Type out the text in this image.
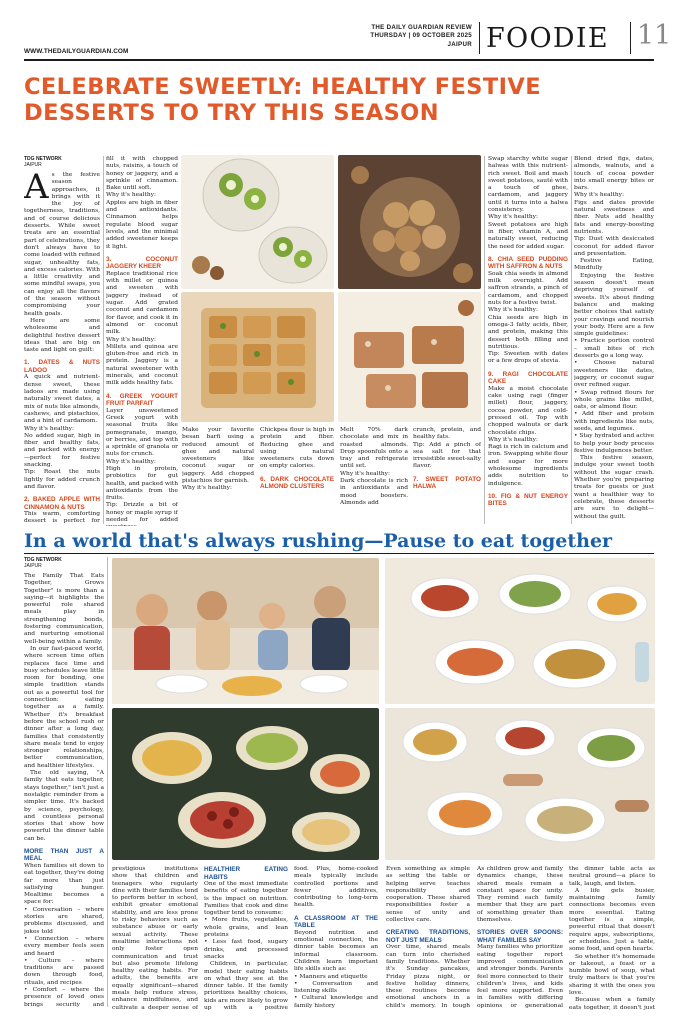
WWW.THEDAILYGUARDIAN.COM
THE DAILY GUARDIAN REVIEW
THURSDAY | 09 OCTOBER 2025
JAIPUR FOODIE 11
CELEBRATE SWEETLY: HEALTHY FESTIVE DESSERTS TO TRY THIS SEASON
TDG NETWORK
JAIPUR

As the festive season approaches, it brings with it the joy of togetherness, traditions, and of course delicious desserts. While sweet treats are an essential part of celebrations, they don't always have to come loaded with refined sugar, unhealthy fats, and excess calories. With a little creativity and some mindful swaps, you can enjoy all the flavors of the season without compromising your health goals.

Here are some wholesome and delightful festive dessert ideas that are big on taste and light on guilt:

1. DATES & NUTS LADOO

A quick and nutrient-dense sweet, these ladoos are made using naturally sweet dates, a mix of nuts like almonds, cashews, and pistachios, and a hint of cardamom.

Why it's healthy:

No added sugar, high in fiber and healthy fats, and packed with energy—perfect for festive snacking.

Tip: Roast the nuts lightly for added crunch and flavor.

2. BAKED APPLE WITH CINNAMON & NUTS

This warm, comforting dessert is perfect for

fill it with chopped nuts, raisins, a touch of honey or jaggery, and a sprinkle of cinnamon. Bake until soft.

Why it's healthy:

Apples are high in fiber and antioxidants. Cinnamon helps regulate blood sugar levels, and the minimal added sweetener keeps it light.

3. COCONUT JAGGERY KHEER

Replace traditional rice with millet or quinoa and sweeten with jaggery instead of sugar. Add grated coconut and cardamom for flavor, and cook it in almond or coconut milk.

Why it's healthy:

Millets and quinoa are gluten-free and rich in protein. Jaggery is a natural sweetener with minerals, and coconut milk adds healthy fats.

4. GREEK YOGURT FRUIT PARFAIT

Layer unsweetened Greek yogurt with seasonal fruits like pomegranate, mango, or berries, and top with a sprinkle of granola or nuts for crunch.

Why it's healthy:

High in protein, probiotics for gut health, and packed with antioxidants from the fruits.

Tip: Drizzle a bit of honey or maple syrup if needed for added

Make your favorite besan barfi using a reduced amount of ghee and natural sweeteners like coconut sugar or jaggery. Add chopped pistachios for garnish.

Why it's healthy:

Chickpea flour is high in protein and fiber. Reducing ghee and using natural sweeteners cuts down on empty calories.

6. DARK CHOCOLATE ALMOND CLUSTERS

Melt 70% dark chocolate and mix in roasted almonds. Drop spoonfuls onto a tray and refrigerate until set.

Why it's healthy:

Dark chocolate is rich in antioxidants and mood boosters. Almonds add

crunch, protein, and healthy fats.

Tip: Add a pinch of sea salt for that irresistible sweet-salty flavor.

7. SWEET POTATO HALWA

Swap starchy white sugar halwas with this nutrient-rich sweet. Boil and mash sweet potatoes, sauté with a touch of ghee, cardamom, and jaggery until it turns into a halwa consistency.

Why it's healthy:

Sweet potatoes are high in fiber, vitamin A, and naturally sweet, reducing the need for added sugar.

8. CHIA SEED PUDDING WITH SAFFRON & NUTS

Soak chia seeds in almond milk overnight. Add saffron strands, a pinch of cardamom, and chopped nuts for a festive twist.

Why it's healthy:

Chia seeds are high in omega-3 fatty acids, fiber, and protein, making this dessert both filling and nutritious.

Tip: Sweeten with dates or a few drops of stevia.

9. RAGI CHOCOLATE CAKE

Make a moist chocolate cake using ragi (finger millet) flour, jaggery, cocoa powder, and cold-pressed oil. Top with chopped walnuts or dark chocolate chips.

Why it's healthy:

Ragi is rich in calcium and iron. Swapping white flour and sugar for more wholesome ingredients adds nutrition to indulgence.

10. FIG & NUT ENERGY BITES

Blend dried figs, dates, almonds, walnuts, and a touch of cocoa powder into small energy bites or bars.

Why it's healthy:

Figs and dates provide natural sweetness and fiber. Nuts add healthy fats and energy-boosting nutrients.

Tip: Dust with desiccated coconut for added flavor and presentation.

Festive Eating, Mindfully

Enjoying the festive season doesn't mean depriving yourself of sweets. It's about finding balance and making better choices that satisfy your cravings and nourish your body. Here are a few simple guidelines:

• Practice portion control – small bites of rich desserts go a long way.

• Choose natural sweeteners like dates, jaggery, or coconut sugar over refined sugar.

• Swap refined flours for whole grains like millet, oats, or almond flour.

• Add fiber and protein with ingredients like nuts, seeds, and legumes.

• Stay hydrated and active to help your body process festive indulgences better.

This festive season, indulge your sweet tooth without the sugar crash. Whether you're preparing treats for guests or just want a healthier way to celebrate, these desserts are sure to delight—without the guilt.

In a world that's always rushing—Pause to eat together
TDG NETWORK
JAIPUR

The Family That Eats Together, Grows Together" is more than a saying—it highlights the powerful role shared meals play in strengthening bonds, fostering communication, and nurturing emotional well-being within a family.

In our fast-paced world, where screen time often replaces face time and busy schedules leave little room for bonding, one simple tradition stands out as a powerful tool for connection: eating together as a family. Whether it's breakfast before the school rush or dinner after a long day, families that consistently share meals tend to enjoy stronger relationships, better communication, and healthier lifestyles.

The old saying, "A family that eats together, stays together," isn't just a nostalgic reminder from a simpler time. It's backed by science, psychology, and countless personal stories that show how powerful the dinner table can be.

MORE THAN JUST A MEAL

When families sit down to eat together, they're doing far more than just satisfying hunger. Mealtime becomes a space for:

• Conversation – where stories are shared, problems discussed, and jokes told

• Connection – where every member feels seen and heard

• Culture – where traditions are passed down through food, rituals, and recipes

• Comfort – where the presence of loved ones brings security and

prestigious institutions show that children and teenagers who regularly dine with their families tend to perform better in school, exhibit greater emotional stability, and are less prone to risky behaviors such as substance abuse or early sexual activity. These mealtime interactions not only foster open communication and trust but also promote lifelong healthy eating habits. For adults, the benefits are equally significant—shared meals help reduce stress, enhance mindfulness, and cultivate a deeper sense of

HEALTHIER EATING HABITS

One of the most immediate benefits of eating together is the impact on nutrition. Families that cook and dine together tend to consume:

• More fruits, vegetables, whole grains, and lean proteins

• Less fast food, sugary drinks, and processed snacks

Children, in particular, model their eating habits on what they see at the dinner table. If the family prioritizes healthy choices, kids are more likely to grow up with a positive

food. Plus, home-cooked meals typically include controlled portions and fewer additives, contributing to long-term health.

A CLASSROOM AT THE TABLE

Beyond nutrition and emotional connection, the dinner table becomes an informal classroom. Children learn important life skills such as:

• Manners and etiquette

• Conversation and listening skills

• Cultural knowledge and family history

Even something as simple as setting the table or helping serve teaches responsibility and cooperation. These shared responsibilities foster a sense of unity and collective care.

CREATING TRADITIONS, NOT JUST MEALS

Over time, shared meals can turn into cherished family traditions. Whether it's Sunday pancakes, Friday pizza night, or festive holiday dinners, these routines become emotional anchors in a child's memory. In tough

As children grow and family dynamics change, these shared meals remain a constant space for unity. They remind each family member that they are part of something greater than themselves.

STORIES OVER SPOONS: WHAT FAMILIES SAY

Many families who prioritize eating together report improved communication and stronger bonds. Parents feel more connected to their children's lives, and kids feel more supported. Even in families with differing opinions or generational

the dinner table acts as neutral ground—a place to talk, laugh, and listen.

A life gets busier, maintaining family connections becomes even more essential. Eating together is a simple, powerful ritual that doesn't require apps, subscriptions, or schedules. Just a table, some food, and open hearts.

So whether it's homemade or takeout, a feast or a humble bowl of soup, what truly matters is that you're sharing it with the ones you love.

Because when a family eats together, it doesn't just
